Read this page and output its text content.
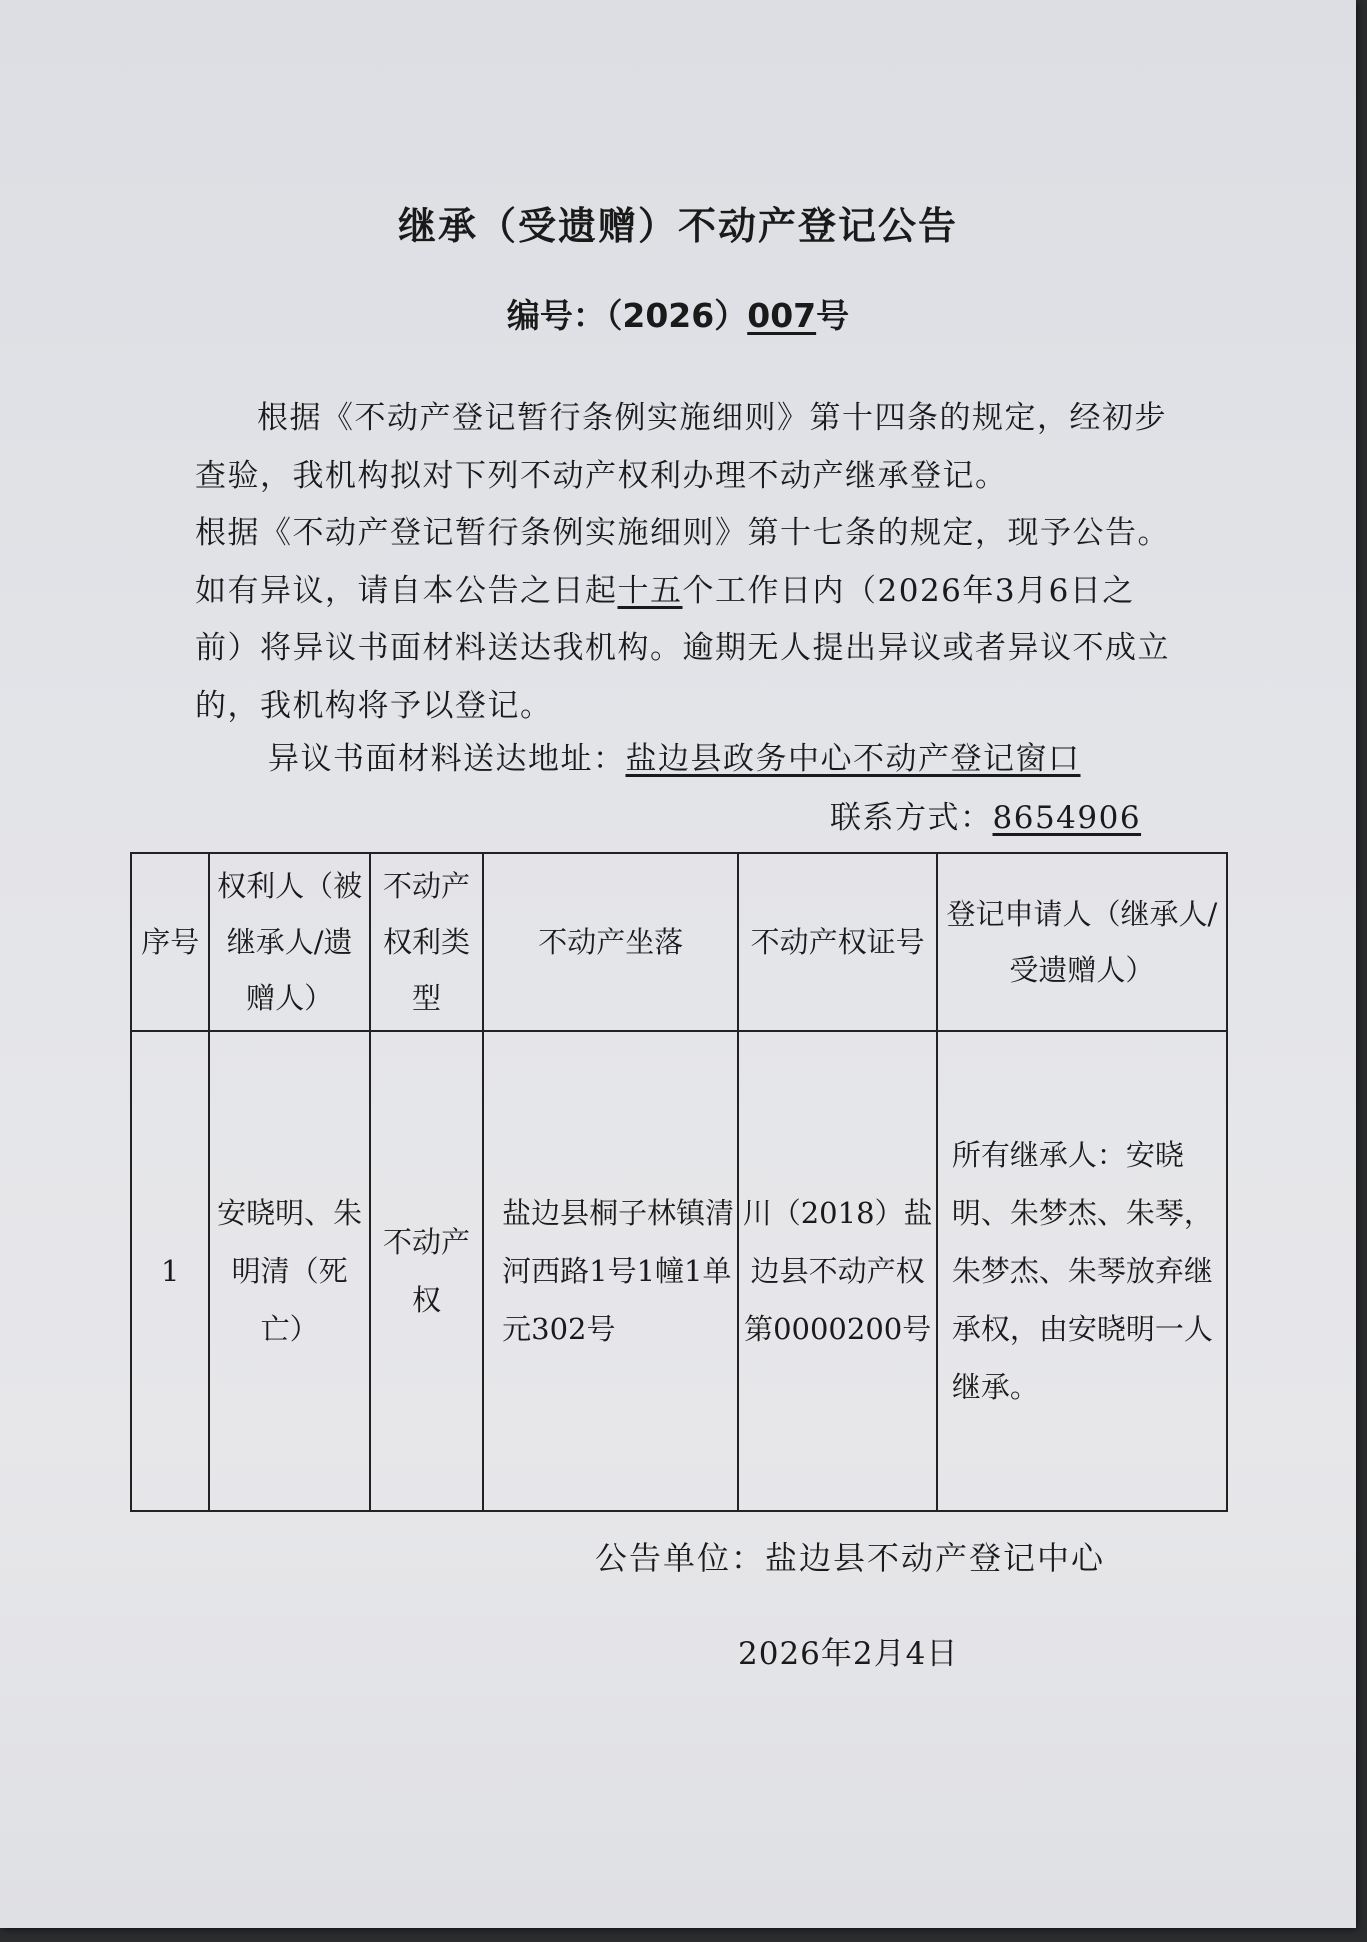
继承（受遗赠）不动产登记公告
编号：（2026）007号

根据《不动产登记暂行条例实施细则》第十四条的规定，经初步查验，我机构拟对下列不动产权利办理不动产继承登记。

根据《不动产登记暂行条例实施细则》第十七条的规定，现予公告。如有异议，请自本公告之日起十五个工作日内（2026年3月6日之前）将异议书面材料送达我机构。逾期无人提出异议或者异议不成立的，我机构将予以登记。

异议书面材料送达地址：盐边县政务中心不动产登记窗口
联系方式：8654906
序号	权利人（被继承人/遗赠人）	不动产权利类型	不动产坐落	不动产权证号	登记申请人（继承人/受遗赠人）
1	安晓明、朱明清（死亡）	不动产权	盐边县桐子林镇清河西路1号1幢1单元302号	川（2018）盐边县不动产权第0000200号	所有继承人：安晓明、朱梦杰、朱琴，朱梦杰、朱琴放弃继承权，由安晓明一人继承。
公告单位：盐边县不动产登记中心
2026年2月4日
